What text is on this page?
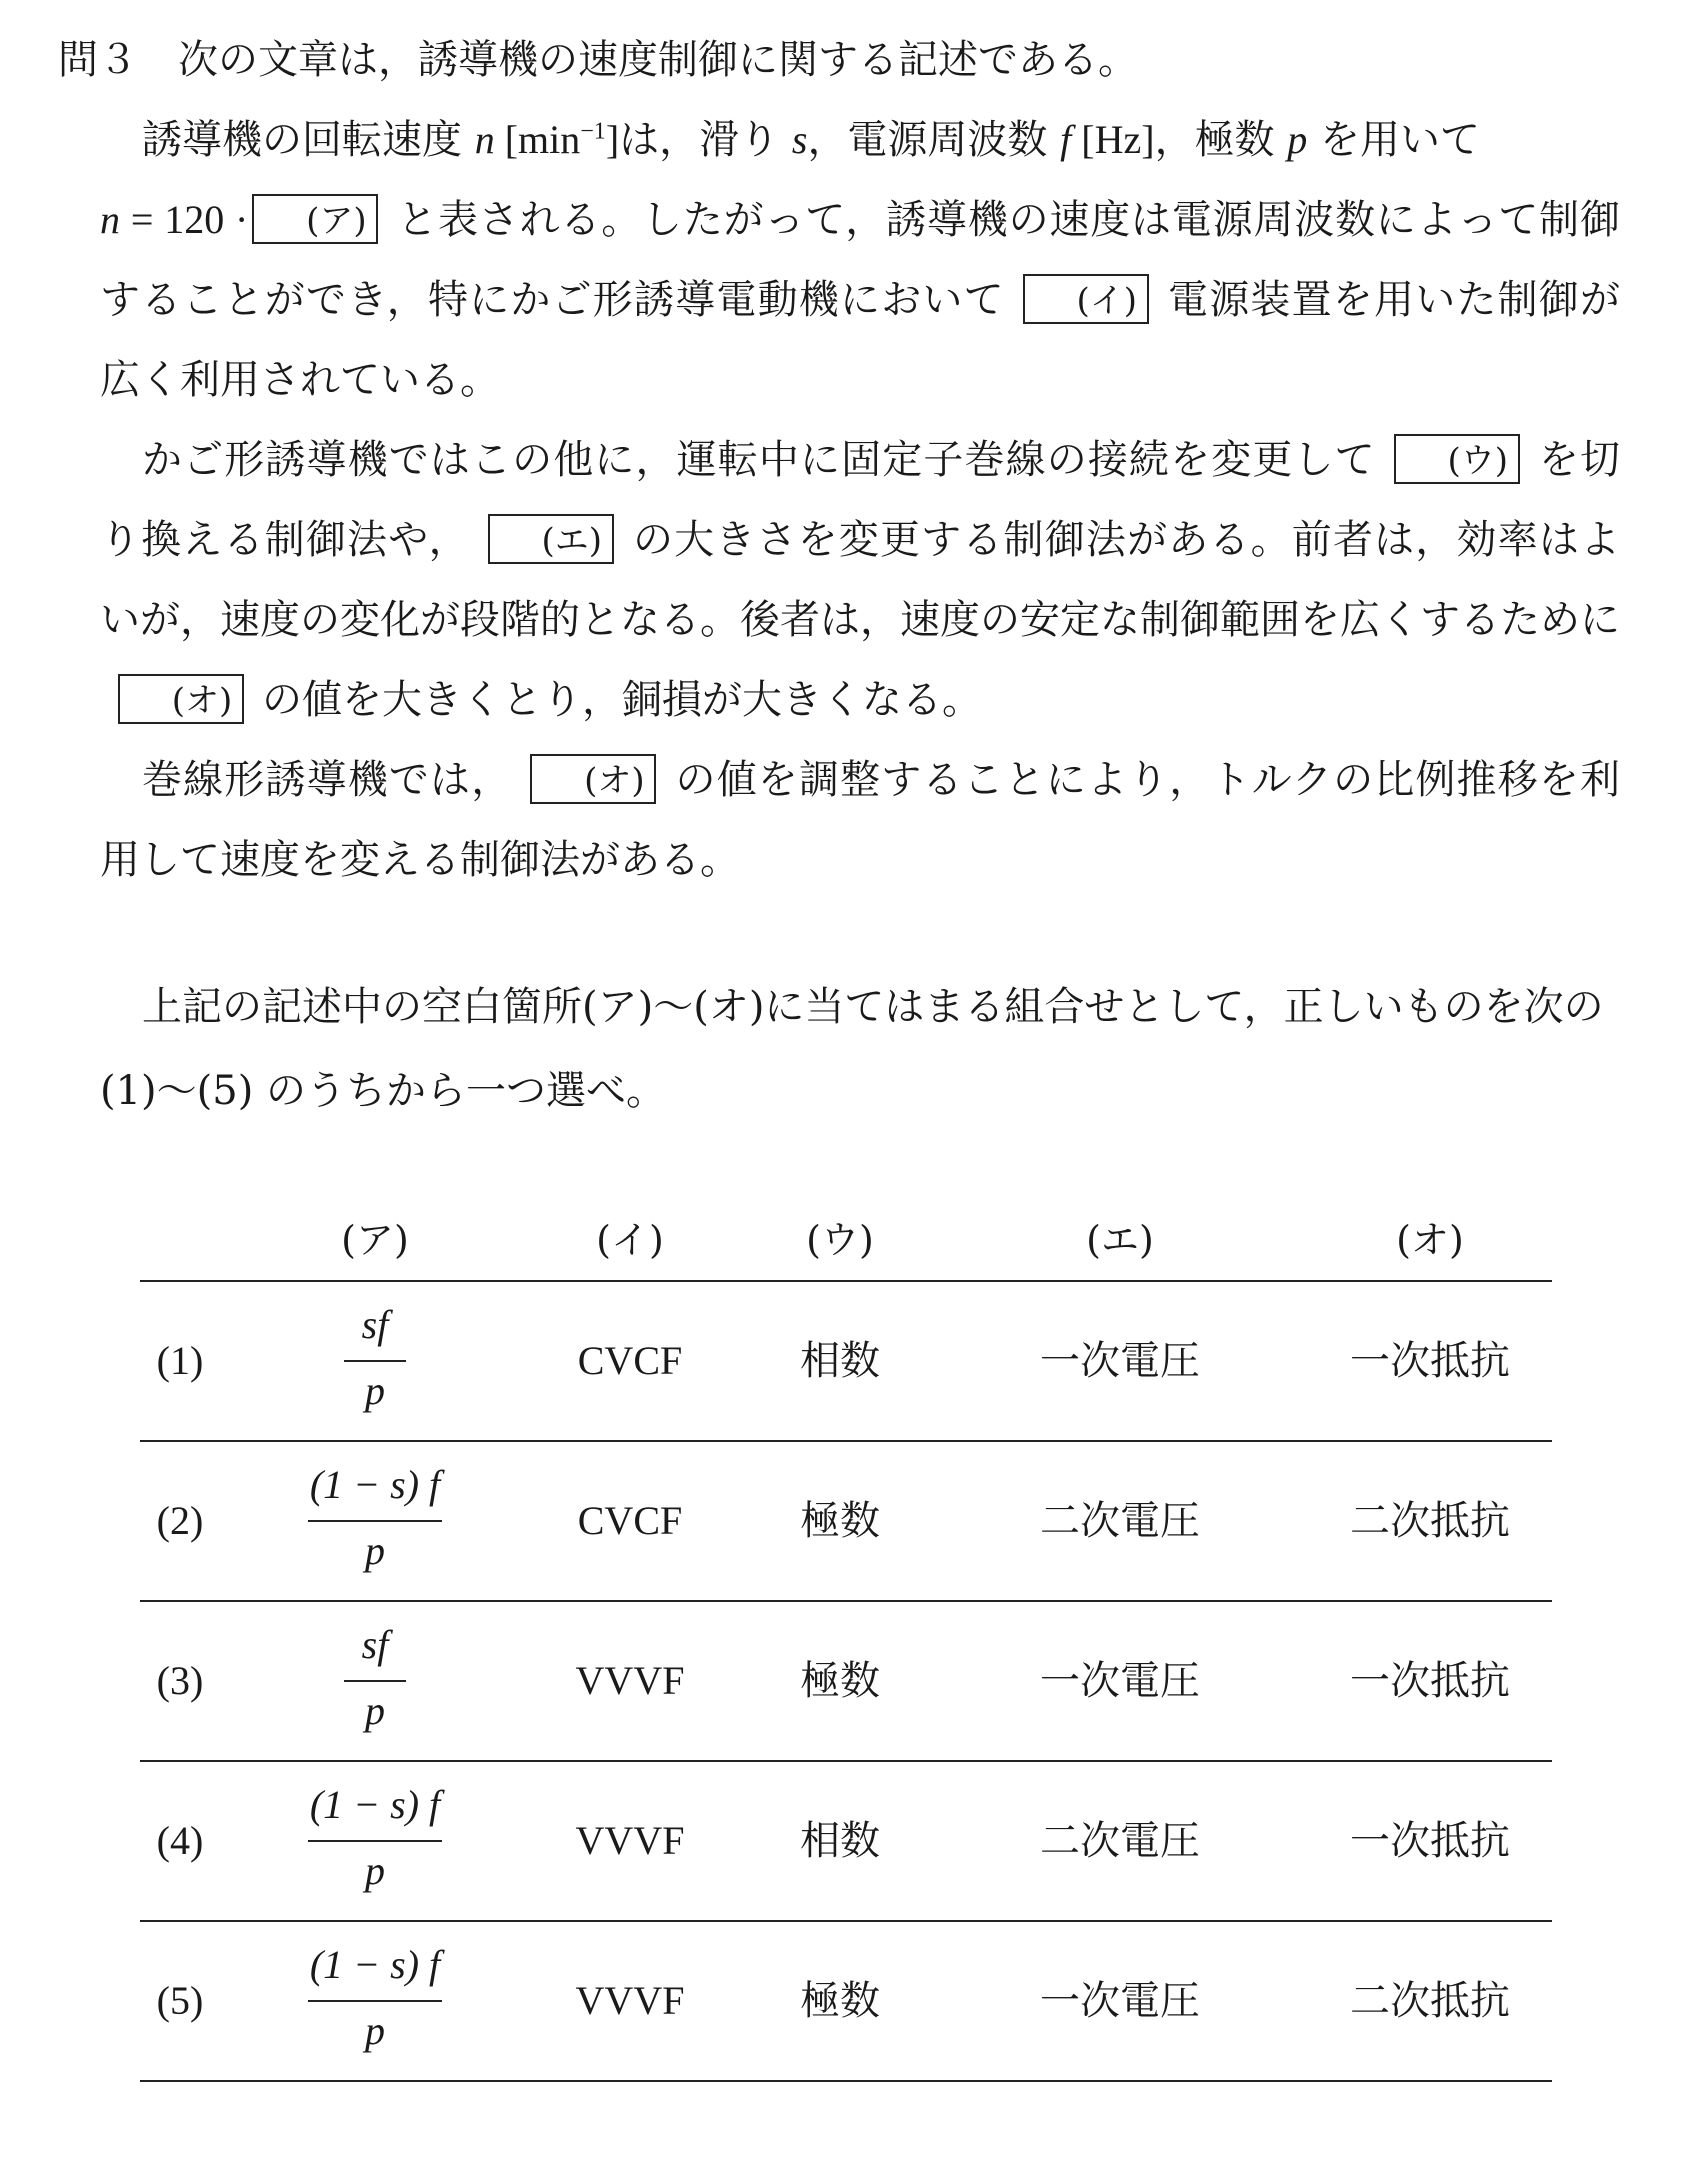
問３ 次の文章は，誘導機の速度制御に関する記述である。

誘導機の回転速度 n $[\min^{-1}]$は，滑り s，電源周波数 f [Hz]，極数 p を用いて
n = 120 · (ア) と表される。したがって，誘導機の速度は電源周波数によって制御することができ，特にかご形誘導電動機において (イ) 電源装置を用いた制御が広く利用されている。

かご形誘導機ではこの他に，運転中に固定子巻線の接続を変更して (ウ) を切り換える制御法や， (エ) の大きさを変更する制御法がある。前者は，効率はよいが，速度の変化が段階的となる。後者は，速度の安定な制御範囲を広くするために(オ) の値を大きくとり，銅損が大きくなる。

巻線形誘導機では， (オ) の値を調整することにより，トルクの比例推移を利用して速度を変える制御法がある。

上記の記述中の空白箇所(ア)～(オ)に当てはまる組合せとして，正しいものを次の (1)～(5) のうちから一つ選べ。

(ア)	(イ)	(ウ)	(エ)	(オ)
(1)
sf
p
CVCF	相数	一次電圧	一次抵抗
(2)
(1 − s) f
p
CVCF	極数	二次電圧	二次抵抗
(3)
sf
p
VVVF	極数	一次電圧	一次抵抗
(4)
(1 − s) f
p
VVVF	相数	二次電圧	一次抵抗
(5)
(1 − s) f
p
VVVF	極数	一次電圧	二次抵抗
